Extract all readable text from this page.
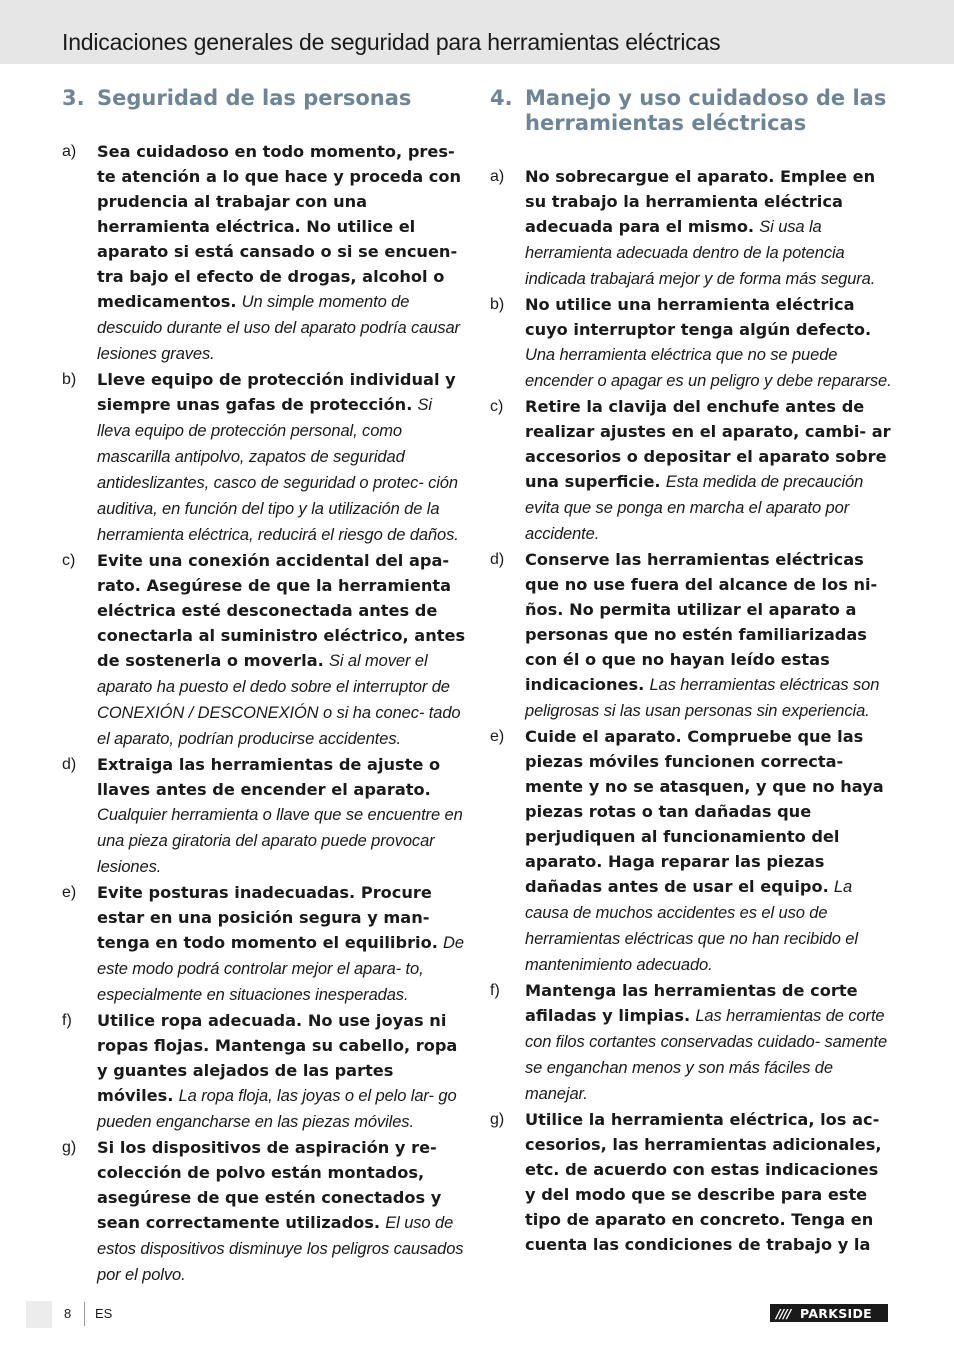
Indicaciones generales de seguridad para herramientas eléctricas
3. Seguridad de las personas
a)	Sea cuidadoso en todo momento, pres- te atención a lo que hace y proceda con prudencia al trabajar con una herramienta eléctrica. No utilice el aparato si está cansado o si se encuen- tra bajo el efecto de drogas, alcohol o medicamentos. Un simple momento de descuido durante el uso del aparato podría causar lesiones graves.
b)	Lleve equipo de protección individual y siempre unas gafas de protección. Si lleva equipo de protección personal, como mascarilla antipolvo, zapatos de seguridad antideslizantes, casco de seguridad o protec- ción auditiva, en función del tipo y la utilización de la herramienta eléctrica, reducirá el riesgo de daños.
c)	Evite una conexión accidental del apa- rato. Asegúrese de que la herramienta eléctrica esté desconectada antes de conectarla al suministro eléctrico, antes de sostenerla o moverla. Si al mover el aparato ha puesto el dedo sobre el interruptor de CONEXIÓN / DESCONEXIÓN o si ha conec- tado el aparato, podrían producirse accidentes.
d)	Extraiga las herramientas de ajuste o llaves antes de encender el aparato. Cualquier herramienta o llave que se encuentre en una pieza giratoria del aparato puede provocar lesiones.
e)	Evite posturas inadecuadas. Procure estar en una posición segura y man- tenga en todo momento el equilibrio. De este modo podrá controlar mejor el apara- to, especialmente en situaciones inesperadas.
f)	Utilice ropa adecuada. No use joyas ni ropas flojas. Mantenga su cabello, ropa y guantes alejados de las partes móviles. La ropa floja, las joyas o el pelo lar- go pueden engancharse en las piezas móviles.
g)	Si los dispositivos de aspiración y re- colección de polvo están montados, asegúrese de que estén conectados y sean correctamente utilizados. El uso de estos dispositivos disminuye los peligros causados por el polvo.
4. Manejo y uso cuidadoso de las herramientas eléctricas
a)	No sobrecargue el aparato. Emplee en su trabajo la herramienta eléctrica adecuada para el mismo. Si usa la herramienta adecuada dentro de la potencia indicada trabajará mejor y de forma más segura.
b)	No utilice una herramienta eléctrica cuyo interruptor tenga algún defecto. Una herramienta eléctrica que no se puede encender o apagar es un peligro y debe repararse.
c)	Retire la clavija del enchufe antes de realizar ajustes en el aparato, cambi- ar accesorios o depositar el aparato sobre una superficie. Esta medida de precaución evita que se ponga en marcha el aparato por accidente.
d)	Conserve las herramientas eléctricas que no use fuera del alcance de los ni- ños. No permita utilizar el aparato a personas que no estén familiarizadas con él o que no hayan leído estas indicaciones. Las herramientas eléctricas son peligrosas si las usan personas sin experiencia.
e)	Cuide el aparato. Compruebe que las piezas móviles funcionen correcta- mente y no se atasquen, y que no haya piezas rotas o tan dañadas que perjudiquen al funcionamiento del aparato. Haga reparar las piezas dañadas antes de usar el equipo. La causa de muchos accidentes es el uso de herramientas eléctricas que no han recibido el mantenimiento adecuado.
f)	Mantenga las herramientas de corte afiladas y limpias. Las herramientas de corte con filos cortantes conservadas cuidado- samente se enganchan menos y son más fáciles de manejar.
g)	Utilice la herramienta eléctrica, los ac- cesorios, las herramientas adicionales, etc. de acuerdo con estas indicaciones y del modo que se describe para este tipo de aparato en concreto. Tenga en cuenta las condiciones de trabajo y la
8 ES	//// PARKSIDE
